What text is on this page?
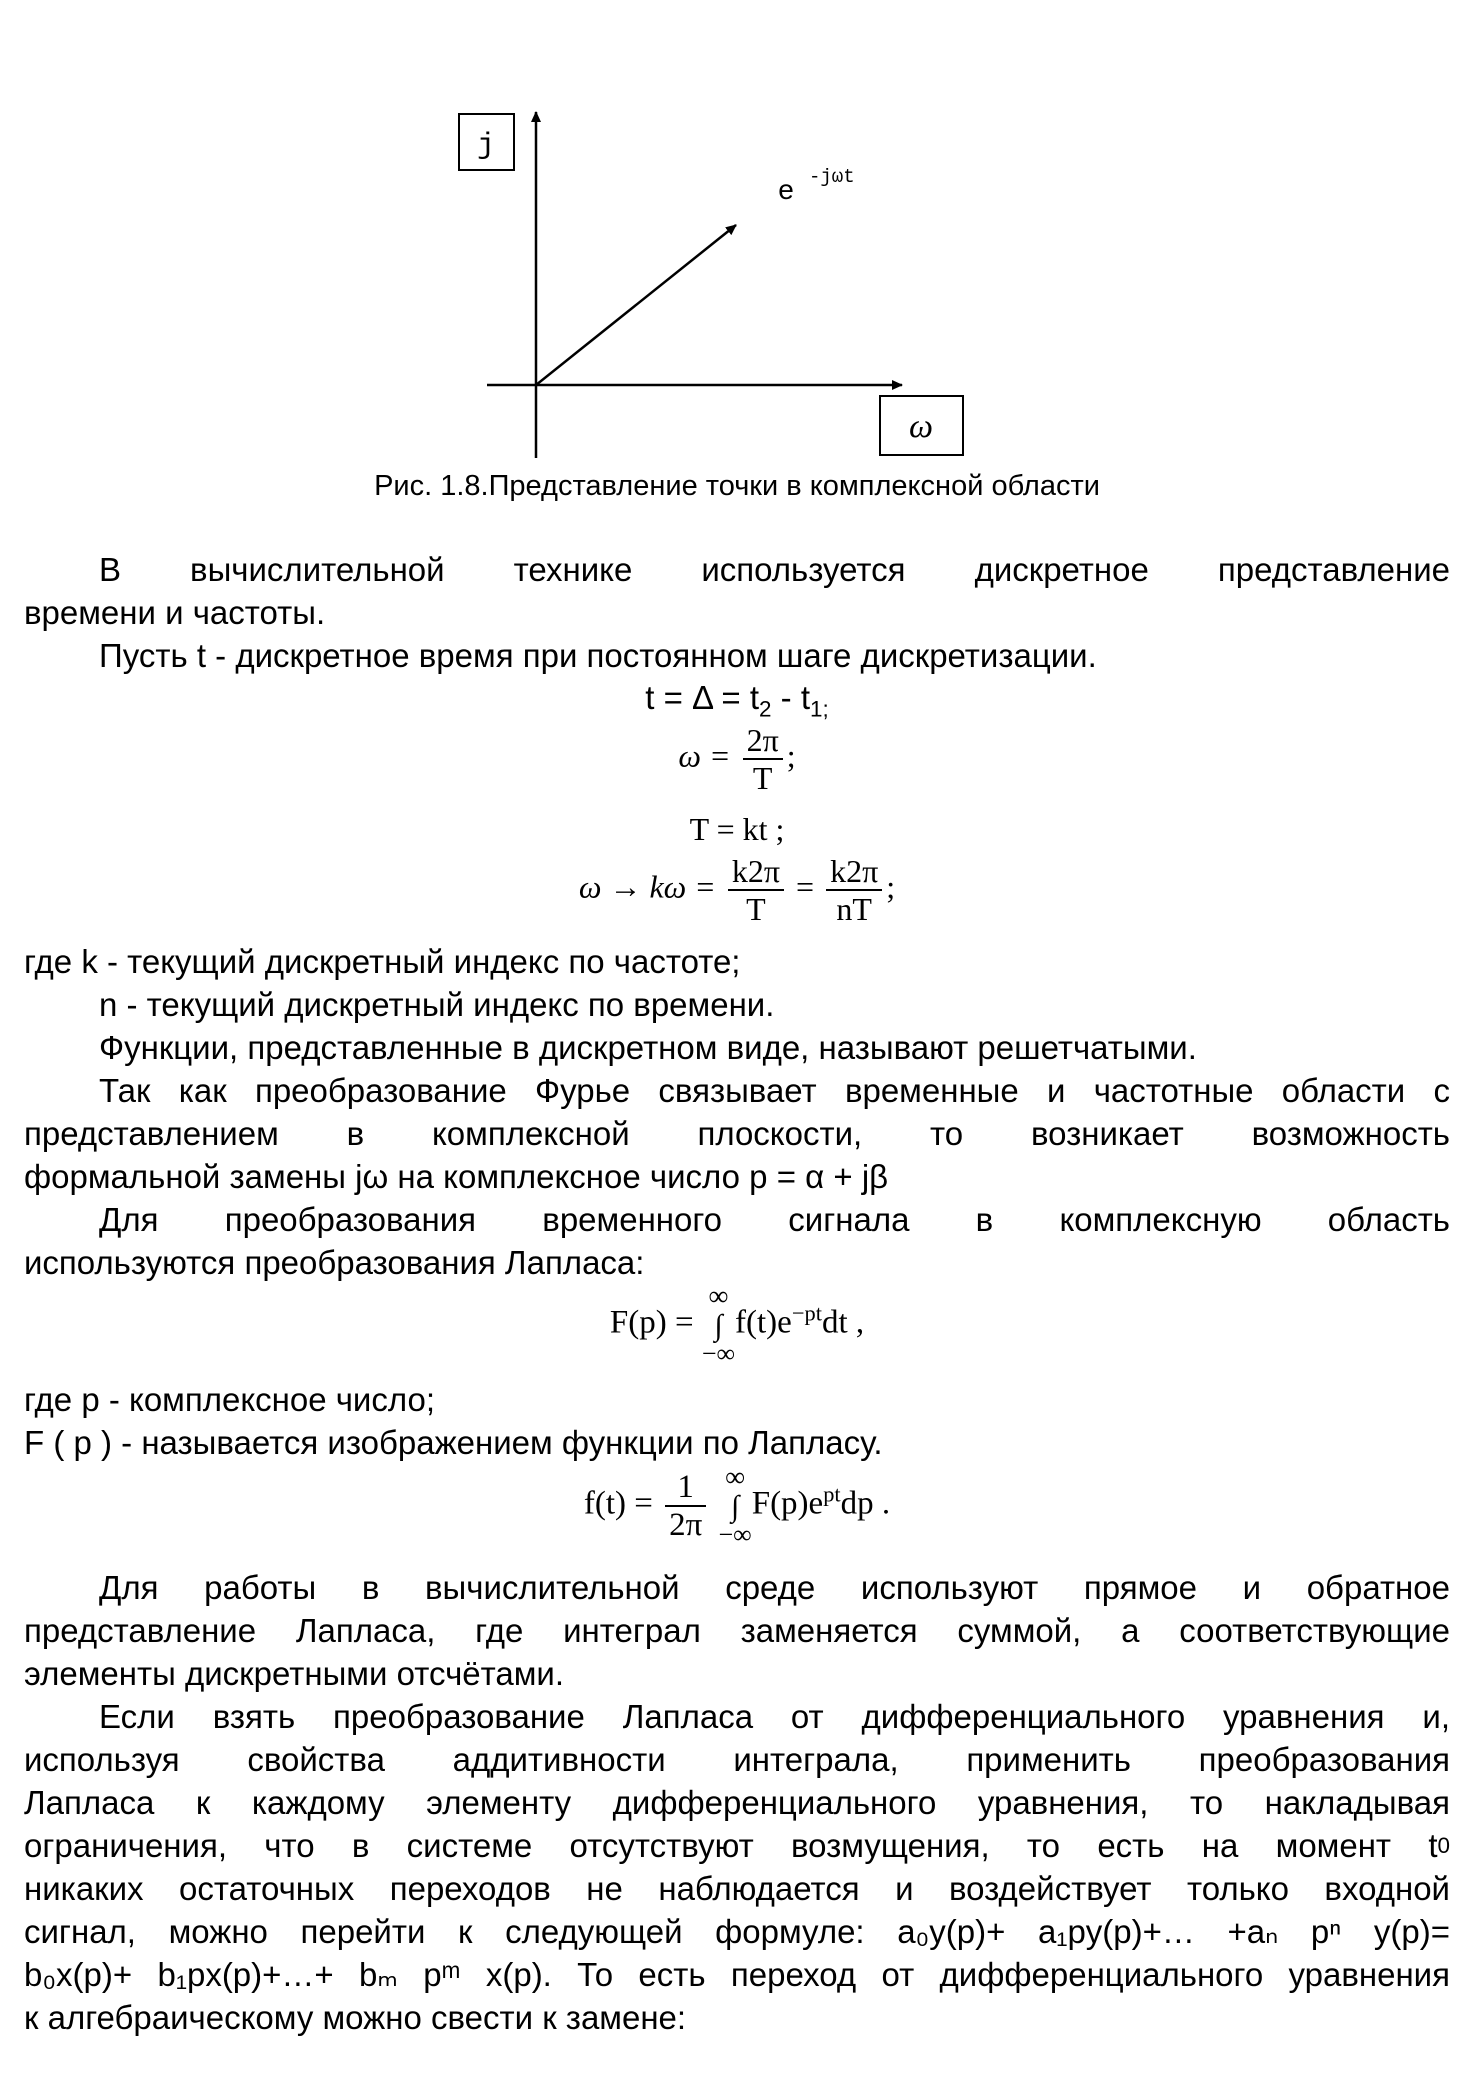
j
ω
e -jωt
Рис. 1.8.Представление точки в комплексной области
В вычислительной технике используется дискретное представление
времени и частоты.
Пусть t - дискретное время при постоянном шаге дискретизации.
$t = \Delta = t_2 - t_{1;}$
$\omega = \frac{2\pi}{T}$ ;
T = kt ;
$\omega \to k\omega = \frac{k2\pi}{T} = \frac{k2\pi}{nT}$ ;
где k - текущий дискретный индекс по частоте;
n - текущий дискретный индекс по времени.
Функции, представленные в дискретном виде, называют решетчатыми.
Так как преобразование Фурье связывает временные и частотные области с
представлением в комплексной плоскости, то возникает возможность
формальной замены jω на комплексное число р = α + jβ
Для преобразования временного сигнала в комплексную область
используются преобразования Лапласа:
F(p) =
∞
∫
−∞
$f(t)e^{-pt}dt$ ,
где р - комплексное число;
F ( р ) - называется изображением функции по Лапласу.
$f(t) = \frac{1}{2\pi}$
∞
∫
−∞
$F(p)e^{pt}dp$ .
Для работы в вычислительной среде используют прямое и обратное
представление Лапласа, где интеграл заменяется суммой, а соответствующие
элементы дискретными отсчётами.
Если взять преобразование Лапласа от дифференциального уравнения и,
используя свойства аддитивности интеграла, применить преобразования
Лапласа к каждому элементу дифференциального уравнения, то накладывая
ограничения, что в системе отсутствуют возмущения, то есть на момент t 0
никаких остаточных переходов не наблюдается и воздействует только входной
сигнал, можно перейти к следующей формуле: a₀y(p)+ a₁py(p)+… +aₙ pⁿ y(p)=
b₀x(p)+ b₁px(p)+…+ bₘ pᵐ x(p). То есть переход от дифференциального уравнения
к алгебраическому можно свести к замене:
